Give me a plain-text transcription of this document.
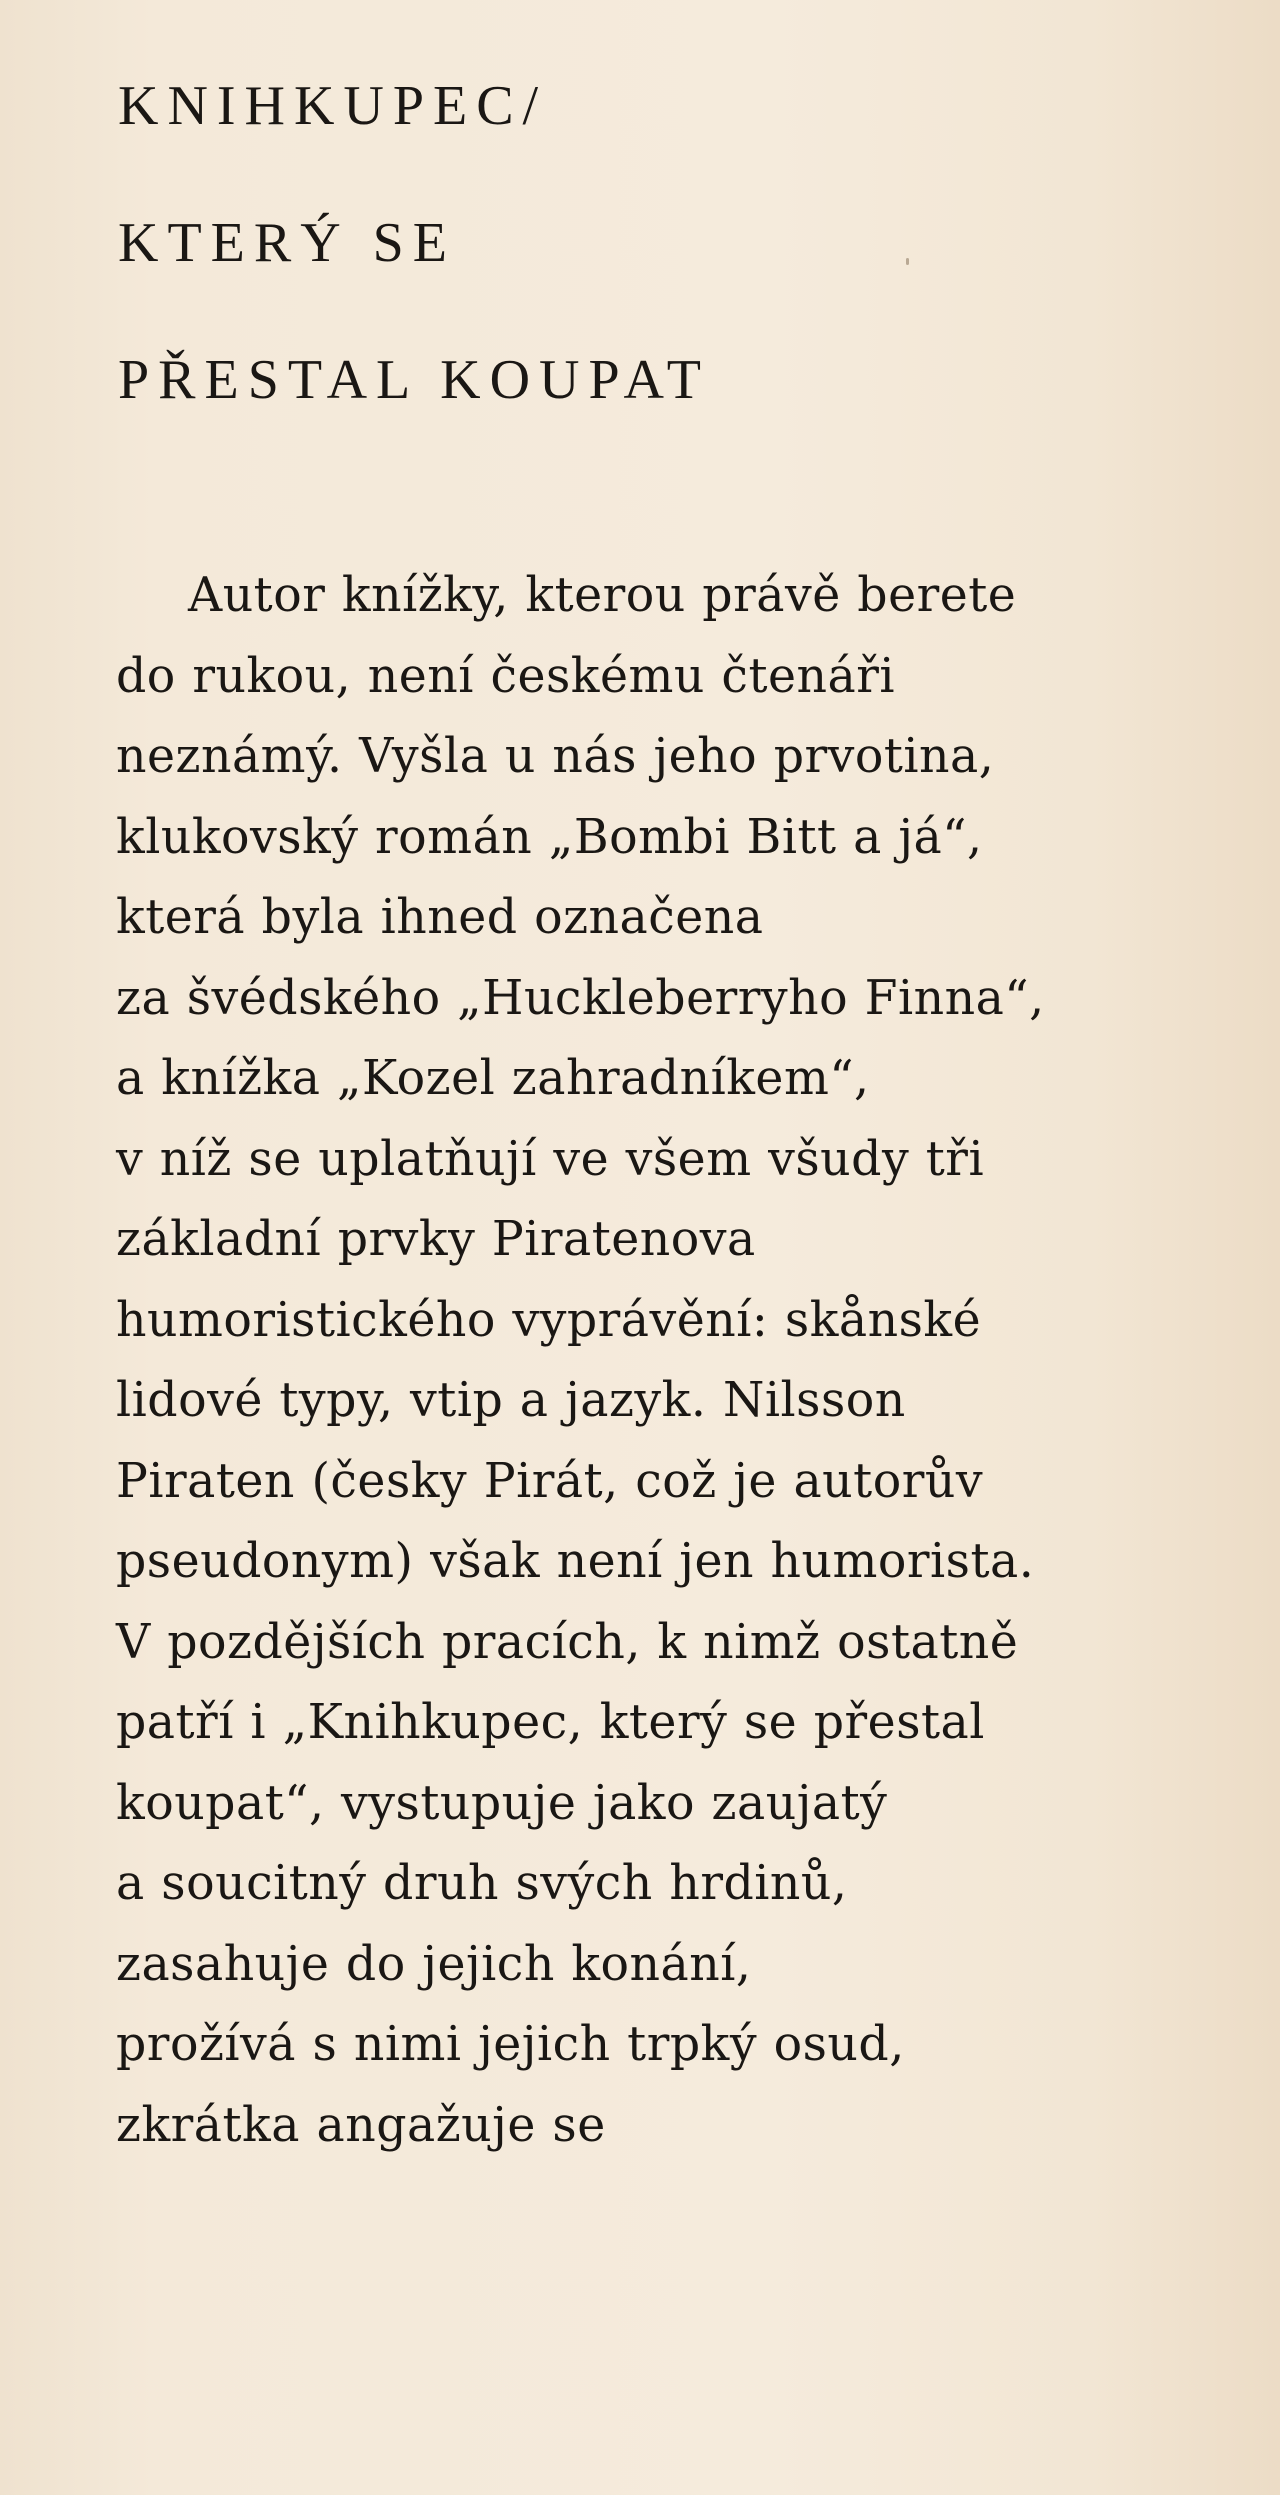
KNIHKUPEC/
KTERÝ SE
PŘESTAL KOUPAT
Autor knížky, kterou právě berete
do rukou, není českému čtenáři
neznámý. Vyšla u nás jeho prvotina,
klukovský román „Bombi Bitt a já“,
která byla ihned označena
za švédského „Huckleberryho Finna“,
a knížka „Kozel zahradníkem“,
v níž se uplatňují ve všem všudy tři
základní prvky Piratenova
humoristického vyprávění: skånské
lidové typy, vtip a jazyk. Nilsson
Piraten (česky Pirát, což je autorův
pseudonym) však není jen humorista.
V pozdějších pracích, k nimž ostatně
patří i „Knihkupec, který se přestal
koupat“, vystupuje jako zaujatý
a soucitný druh svých hrdinů,
zasahuje do jejich konání,
prožívá s nimi jejich trpký osud,
zkrátka angažuje se
